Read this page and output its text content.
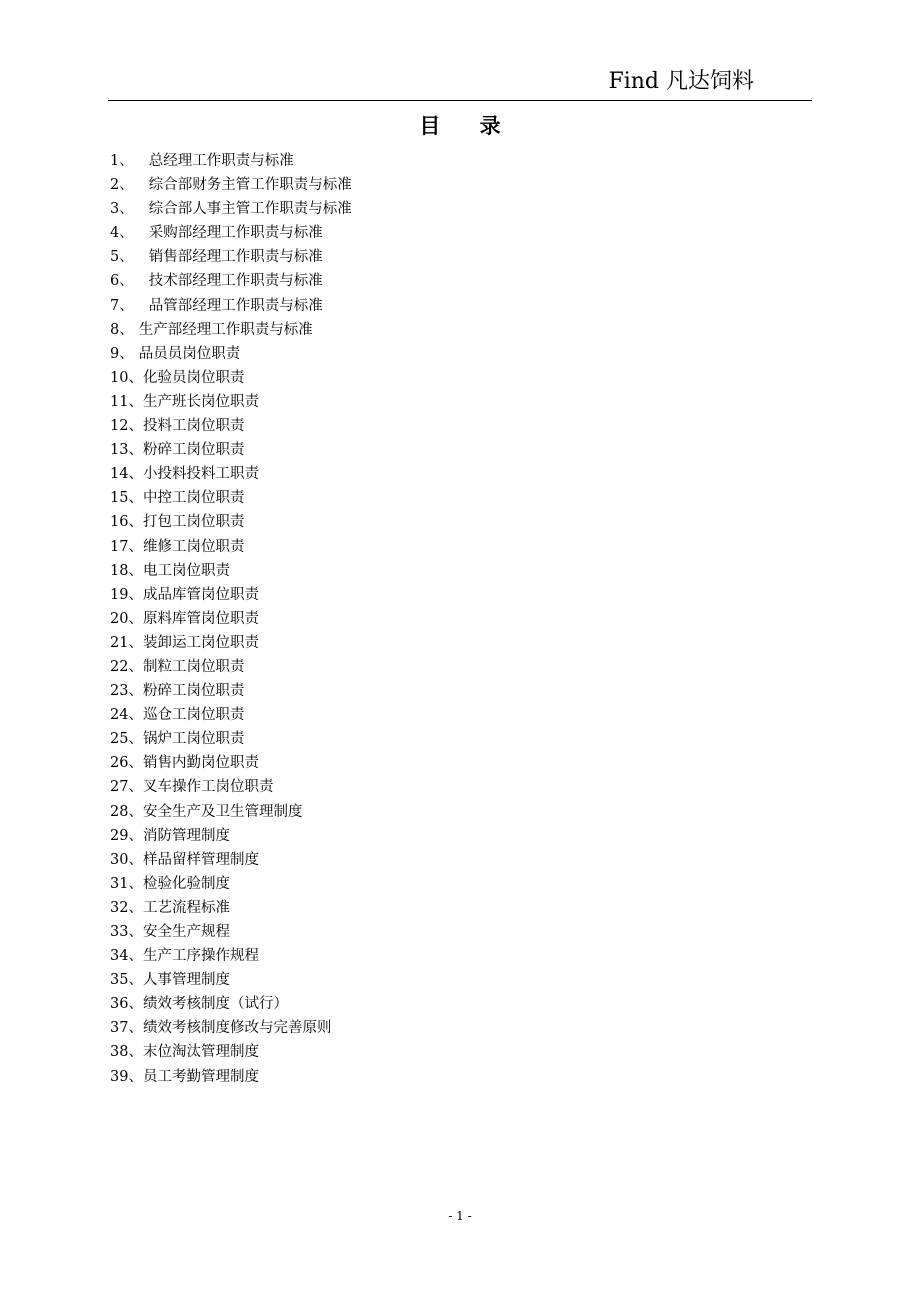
Find 凡达饲料
目 录
1、 总经理工作职责与标准
2、 综合部财务主管工作职责与标准
3、 综合部人事主管工作职责与标准
4、 采购部经理工作职责与标准
5、 销售部经理工作职责与标准
6、 技术部经理工作职责与标准
7、 品管部经理工作职责与标准
8、 生产部经理工作职责与标准
9、 品员员岗位职责
10、化验员岗位职责
11、生产班长岗位职责
12、投料工岗位职责
13、粉碎工岗位职责
14、小投料投料工职责
15、中控工岗位职责
16、打包工岗位职责
17、维修工岗位职责
18、电工岗位职责
19、成品库管岗位职责
20、原料库管岗位职责
21、装卸运工岗位职责
22、制粒工岗位职责
23、粉碎工岗位职责
24、巡仓工岗位职责
25、锅炉工岗位职责
26、销售内勤岗位职责
27、叉车操作工岗位职责
28、安全生产及卫生管理制度
29、消防管理制度
30、样品留样管理制度
31、检验化验制度
32、工艺流程标准
33、安全生产规程
34、生产工序操作规程
35、人事管理制度
36、绩效考核制度（试行）
37、绩效考核制度修改与完善原则
38、末位淘汰管理制度
39、员工考勤管理制度
- 1 -
